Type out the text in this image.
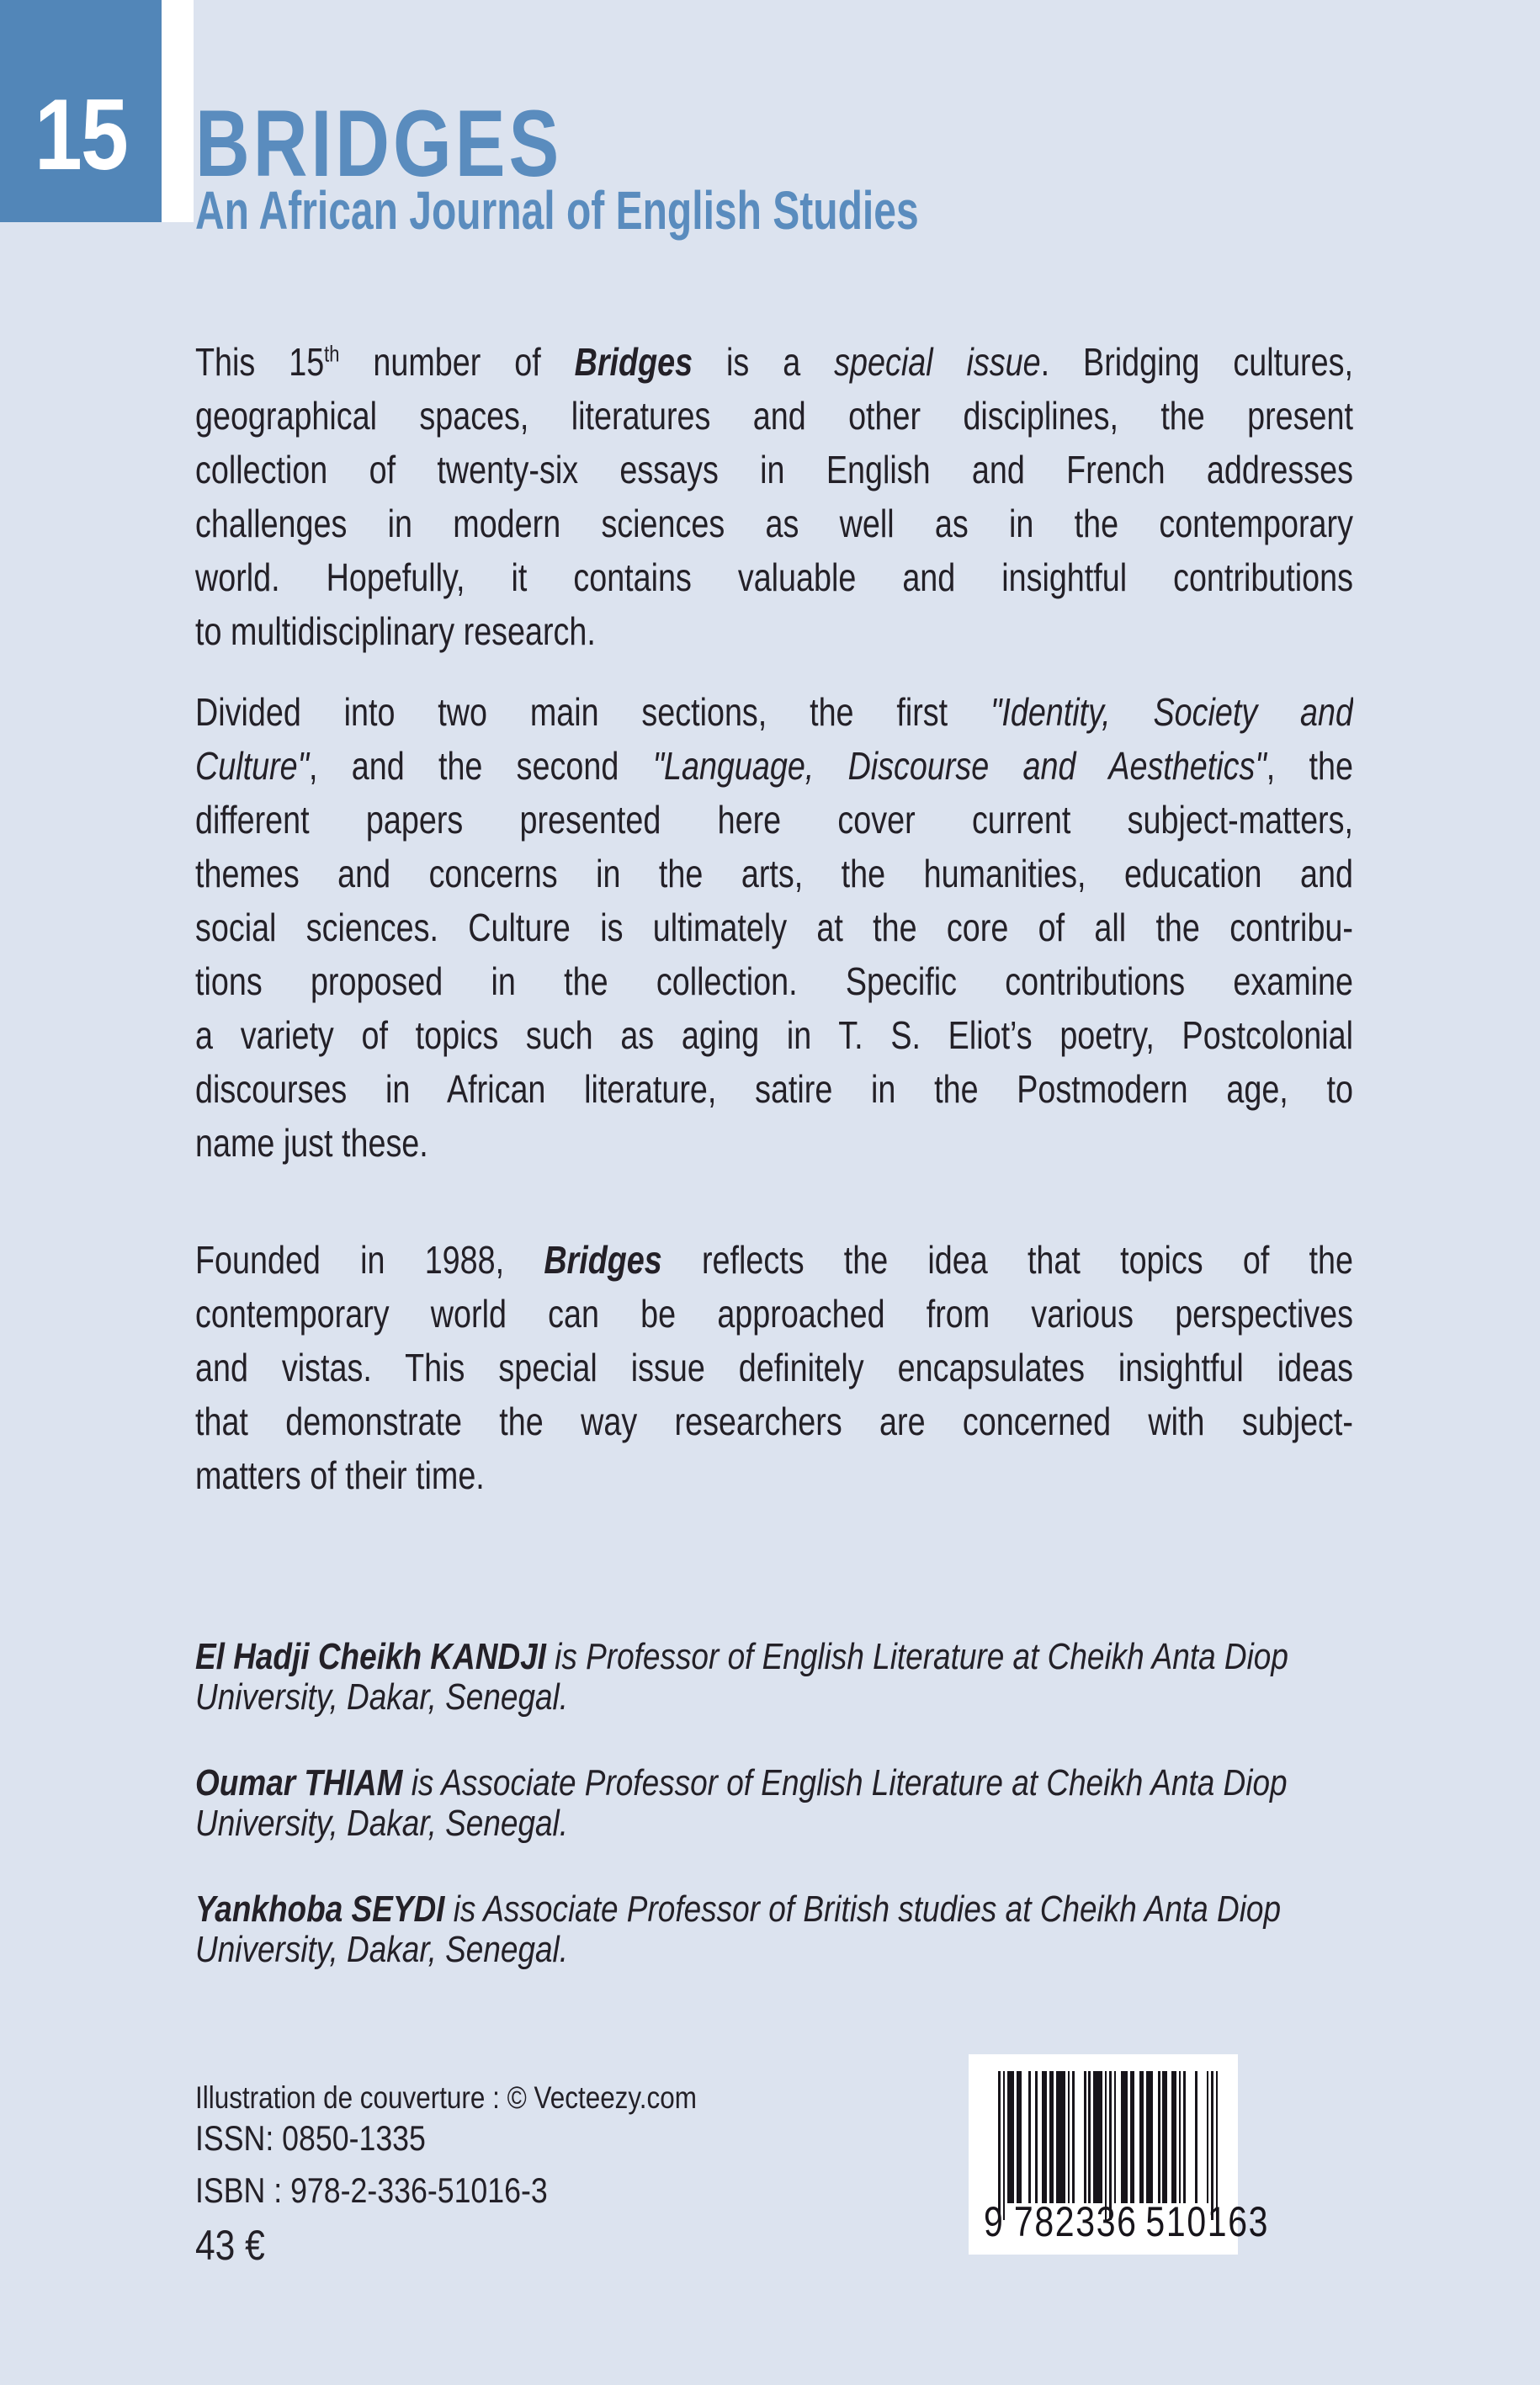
15 BRIDGES
An African Journal of English Studies
This 15th number of Bridges is a special issue. Bridging cultures,
geographical spaces, literatures and other disciplines, the present
collection of twenty-six essays in English and French addresses
challenges in modern sciences as well as in the contemporary
world. Hopefully, it contains valuable and insightful contributions
to multidisciplinary research.
Divided into two main sections, the first "Identity, Society and
Culture", and the second "Language, Discourse and Aesthetics", the
different papers presented here cover current subject-matters,
themes and concerns in the arts, the humanities, education and
social sciences. Culture is ultimately at the core of all the contribu-
tions proposed in the collection. Specific contributions examine
a variety of topics such as aging in T. S. Eliot’s poetry, Postcolonial
discourses in African literature, satire in the Postmodern age, to
name just these.
Founded in 1988, Bridges reflects the idea that topics of the
contemporary world can be approached from various perspectives
and vistas. This special issue definitely encapsulates insightful ideas
that demonstrate the way researchers are concerned with subject-
matters of their time.
El Hadji Cheikh KANDJI is Professor of English Literature at Cheikh Anta Diop
University, Dakar, Senegal.
Oumar THIAM is Associate Professor of English Literature at Cheikh Anta Diop
University, Dakar, Senegal.
Yankhoba SEYDI is Associate Professor of British studies at Cheikh Anta Diop
University, Dakar, Senegal.
Illustration de couverture : © Vecteezy.com
ISSN: 0850-1335
ISBN : 978-2-336-51016-3
43 €	9 782336 510163
